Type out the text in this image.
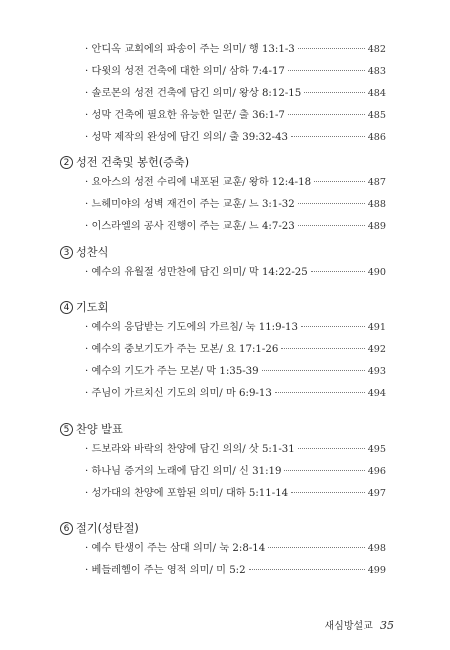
· 안디옥 교회에의 파송이 주는 의미/ 행 13:1-3	482
· 다윗의 성전 건축에 대한 의미/ 삼하 7:4-17	483
· 솔로몬의 성전 건축에 담긴 의미/ 왕상 8:12-15	484
· 성막 건축에 필요한 유능한 일꾼/ 출 36:1-7	485
· 성막 제작의 완성에 담긴 의의/ 출 39:32-43	486
2 성전 건축및 봉헌(증축)
· 요아스의 성전 수리에 내포된 교훈/ 왕하 12:4-18	487
· 느헤미야의 성벽 재건이 주는 교훈/ 느 3:1-32	488
· 이스라엘의 공사 진행이 주는 교훈/ 느 4:7-23	489
3 성찬식
· 예수의 유월절 성만찬에 담긴 의미/ 막 14:22-25	490
4 기도회
· 예수의 응답받는 기도에의 가르침/ 눅 11:9-13	491
· 예수의 중보기도가 주는 모본/ 요 17:1-26	492
· 예수의 기도가 주는 모본/ 막 1:35-39	493
· 주님이 가르치신 기도의 의미/ 마 6:9-13	494
5 찬양 발표
· 드보라와 바락의 찬양에 담긴 의의/ 삿 5:1-31	495
· 하나님 증거의 노래에 담긴 의미/ 신 31:19	496
· 성가대의 찬양에 포함된 의미/ 대하 5:11-14	497
6 절기(성탄절)
· 예수 탄생이 주는 삼대 의미/ 눅 2:8-14	498
· 베들레헴이 주는 영적 의미/ 미 5:2	499
새심방설교 35
